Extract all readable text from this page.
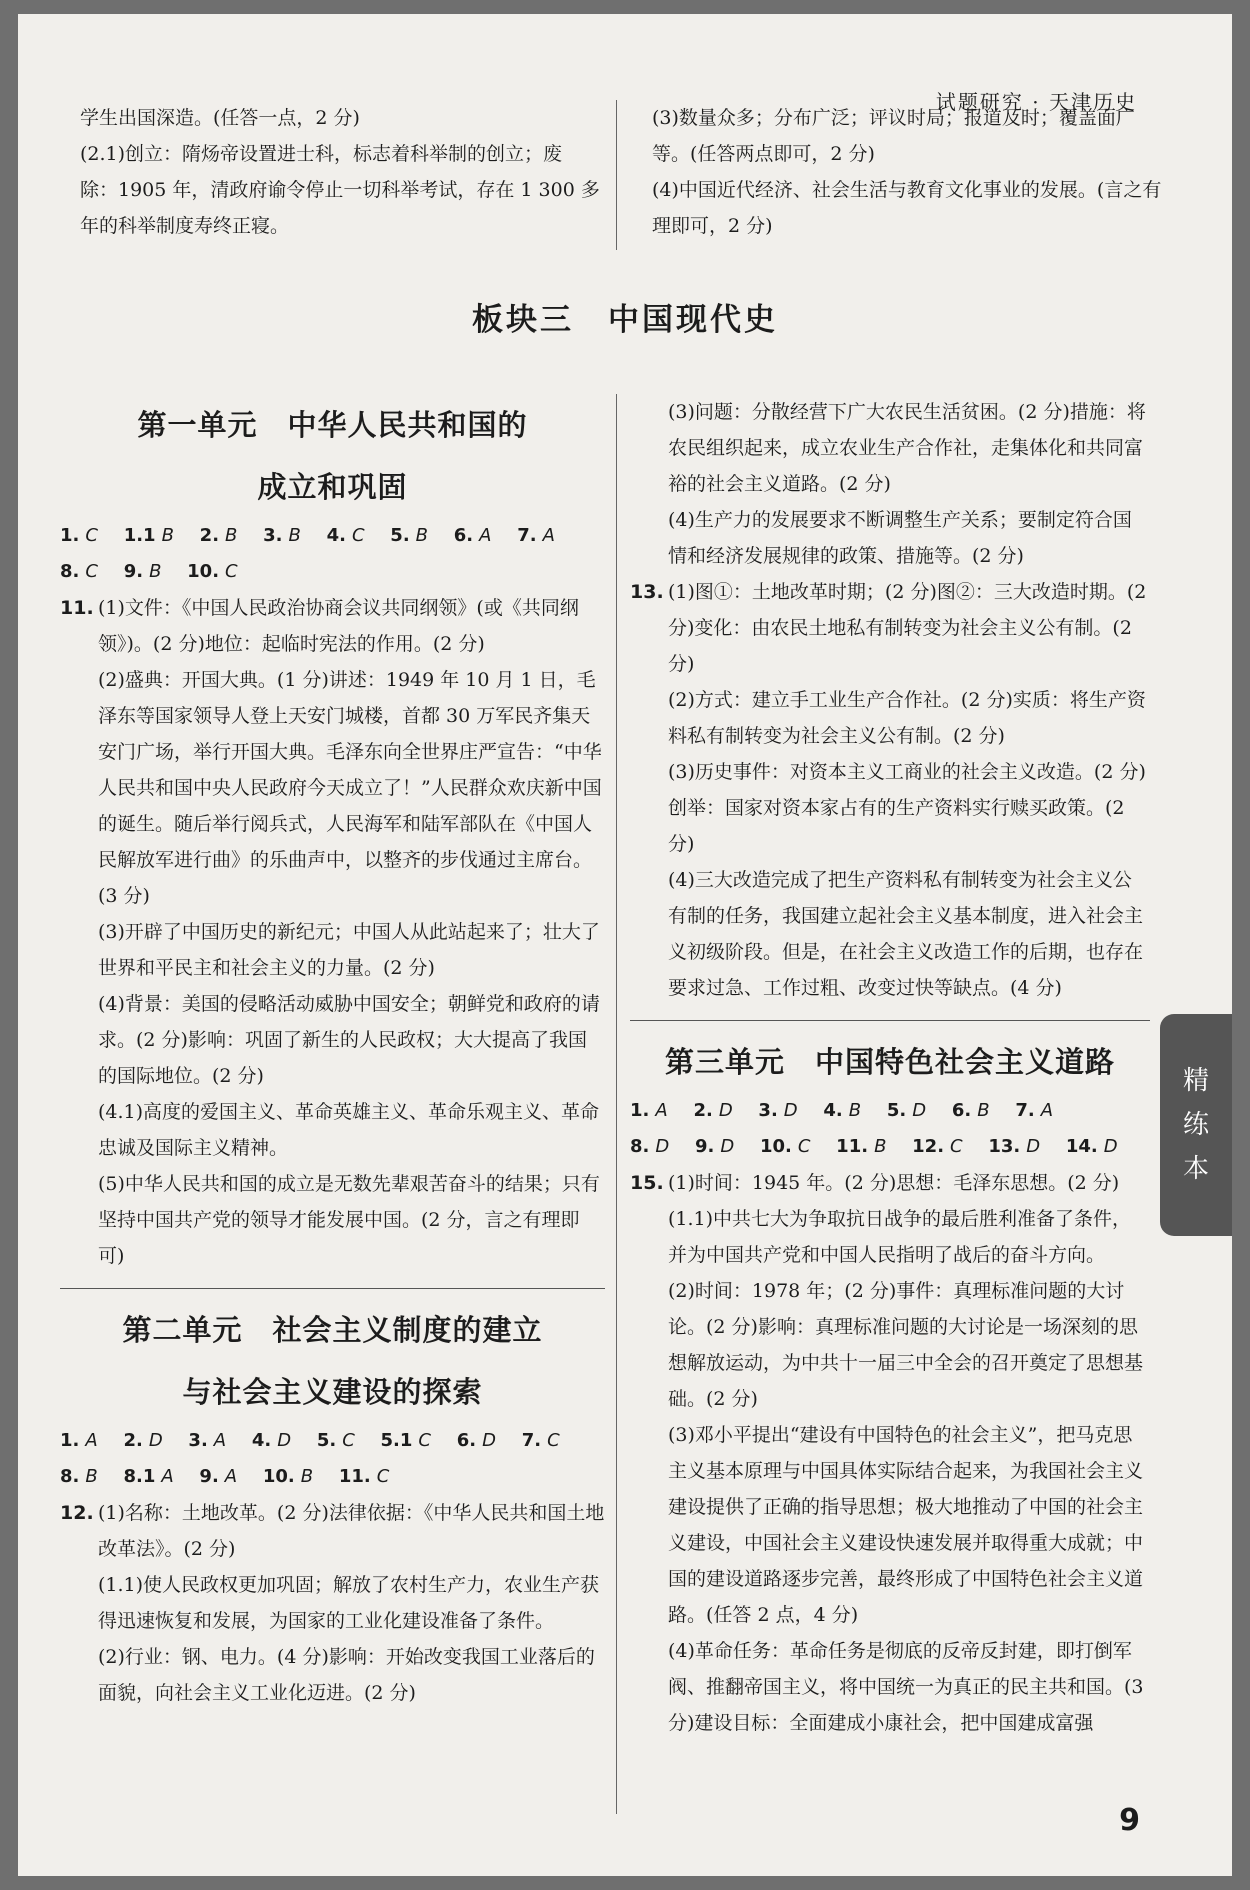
试题研究 · 天津历史

学生出国深造。(任答一点，2 分)

(2.1)创立：隋炀帝设置进士科，标志着科举制的创立；废除：1905 年，清政府谕令停止一切科举考试，存在 1 300 多年的科举制度寿终正寝。

(3)数量众多；分布广泛；评议时局；报道及时；覆盖面广等。(任答两点即可，2 分)

(4)中国近代经济、社会生活与教育文化事业的发展。(言之有理即可，2 分)

板块三　中国现代史

第一单元　中华人民共和国的

成立和巩固

1. C 1.1 B 2. B 3. B 4. C 5. B 6. A 7. A

8. C 9. B 10. C

11. (1)文件：《中国人民政治协商会议共同纲领》(或《共同纲领》)。(2 分)地位：起临时宪法的作用。(2 分)

(2)盛典：开国大典。(1 分)讲述：1949 年 10 月 1 日，毛泽东等国家领导人登上天安门城楼，首都 30 万军民齐集天安门广场，举行开国大典。毛泽东向全世界庄严宣告：“中华人民共和国中央人民政府今天成立了！”人民群众欢庆新中国的诞生。随后举行阅兵式，人民海军和陆军部队在《中国人民解放军进行曲》的乐曲声中，以整齐的步伐通过主席台。(3 分)

(3)开辟了中国历史的新纪元；中国人从此站起来了；壮大了世界和平民主和社会主义的力量。(2 分)

(4)背景：美国的侵略活动威胁中国安全；朝鲜党和政府的请求。(2 分)影响：巩固了新生的人民政权；大大提高了我国的国际地位。(2 分)

(4.1)高度的爱国主义、革命英雄主义、革命乐观主义、革命忠诚及国际主义精神。

(5)中华人民共和国的成立是无数先辈艰苦奋斗的结果；只有坚持中国共产党的领导才能发展中国。(2 分，言之有理即可)

第二单元　社会主义制度的建立

与社会主义建设的探索

1. A 2. D 3. A 4. D 5. C 5.1 C 6. D 7. C

8. B 8.1 A 9. A 10. B 11. C

12. (1)名称：土地改革。(2 分)法律依据：《中华人民共和国土地改革法》。(2 分)

(1.1)使人民政权更加巩固；解放了农村生产力，农业生产获得迅速恢复和发展，为国家的工业化建设准备了条件。

(2)行业：钢、电力。(4 分)影响：开始改变我国工业落后的面貌，向社会主义工业化迈进。(2 分)

(3)问题：分散经营下广大农民生活贫困。(2 分)措施：将农民组织起来，成立农业生产合作社，走集体化和共同富裕的社会主义道路。(2 分)

(4)生产力的发展要求不断调整生产关系；要制定符合国情和经济发展规律的政策、措施等。(2 分)

13. (1)图①：土地改革时期；(2 分)图②：三大改造时期。(2 分)变化：由农民土地私有制转变为社会主义公有制。(2 分)

(2)方式：建立手工业生产合作社。(2 分)实质：将生产资料私有制转变为社会主义公有制。(2 分)

(3)历史事件：对资本主义工商业的社会主义改造。(2 分)创举：国家对资本家占有的生产资料实行赎买政策。(2 分)

(4)三大改造完成了把生产资料私有制转变为社会主义公有制的任务，我国建立起社会主义基本制度，进入社会主义初级阶段。但是，在社会主义改造工作的后期，也存在要求过急、工作过粗、改变过快等缺点。(4 分)

第三单元　中国特色社会主义道路

1. A 2. D 3. D 4. B 5. D 6. B 7. A

8. D 9. D 10. C 11. B 12. C 13. D 14. D

15. (1)时间：1945 年。(2 分)思想：毛泽东思想。(2 分)

(1.1)中共七大为争取抗日战争的最后胜利准备了条件，并为中国共产党和中国人民指明了战后的奋斗方向。

(2)时间：1978 年；(2 分)事件：真理标准问题的大讨论。(2 分)影响：真理标准问题的大讨论是一场深刻的思想解放运动，为中共十一届三中全会的召开奠定了思想基础。(2 分)

(3)邓小平提出“建设有中国特色的社会主义”，把马克思主义基本原理与中国具体实际结合起来，为我国社会主义建设提供了正确的指导思想；极大地推动了中国的社会主义建设，中国社会主义建设快速发展并取得重大成就；中国的建设道路逐步完善，最终形成了中国特色社会主义道路。(任答 2 点，4 分)

(4)革命任务：革命任务是彻底的反帝反封建，即打倒军阀、推翻帝国主义，将中国统一为真正的民主共和国。(3 分)建设目标：全面建成小康社会，把中国建成富强

精
练
本
9
